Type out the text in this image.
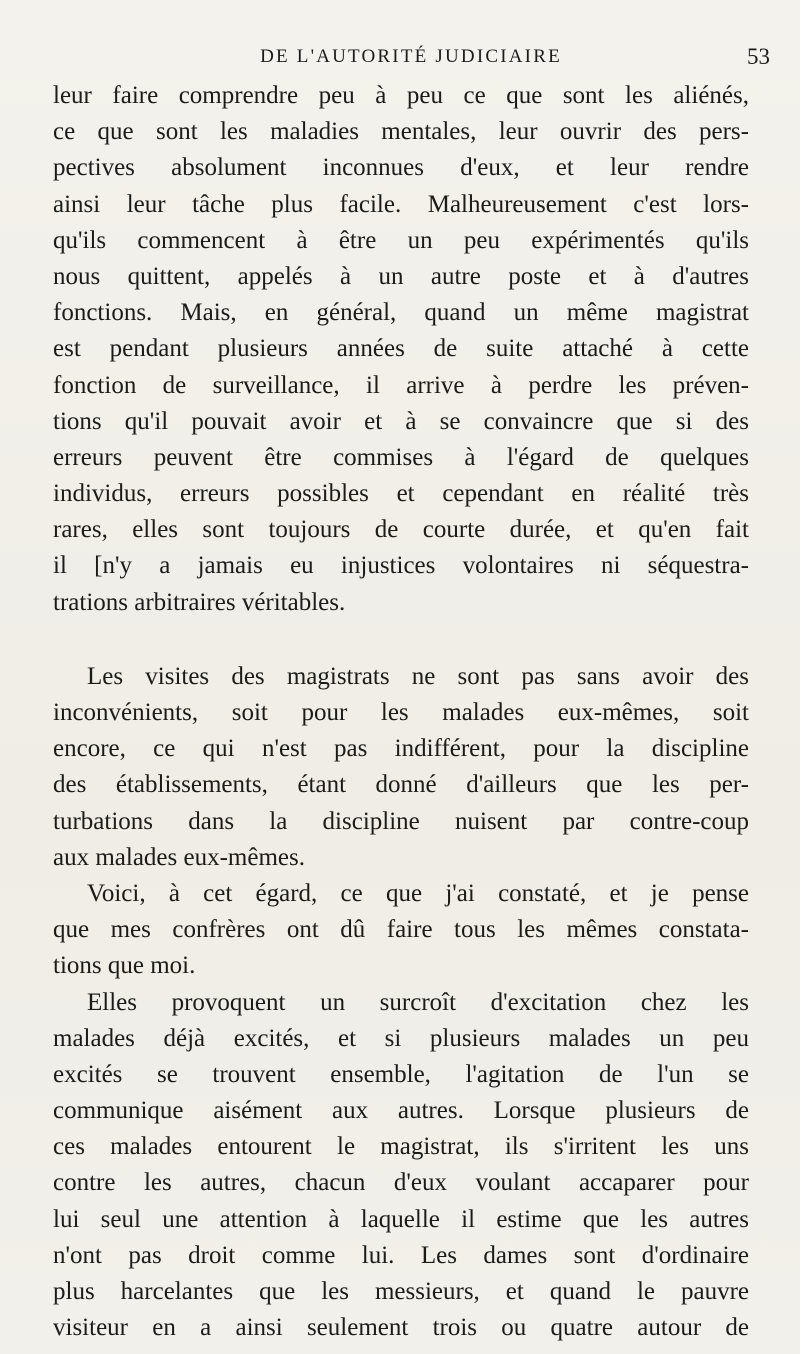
DE L'AUTORITÉ JUDICIAIRE	53
leur faire comprendre peu à peu ce que sont les aliénés,
ce que sont les maladies mentales, leur ouvrir des pers-
pectives absolument inconnues d'eux, et leur rendre
ainsi leur tâche plus facile. Malheureusement c'est lors-
qu'ils commencent à être un peu expérimentés qu'ils
nous quittent, appelés à un autre poste et à d'autres
fonctions. Mais, en général, quand un même magistrat
est pendant plusieurs années de suite attaché à cette
fonction de surveillance, il arrive à perdre les préven-
tions qu'il pouvait avoir et à se convaincre que si des
erreurs peuvent être commises à l'égard de quelques
individus, erreurs possibles et cependant en réalité très
rares, elles sont toujours de courte durée, et qu'en fait
il [n'y a jamais eu injustices volontaires ni séquestra-
trations arbitraires véritables.
Les visites des magistrats ne sont pas sans avoir des
inconvénients, soit pour les malades eux-mêmes, soit
encore, ce qui n'est pas indifférent, pour la discipline
des établissements, étant donné d'ailleurs que les per-
turbations dans la discipline nuisent par contre-coup
aux malades eux-mêmes.
Voici, à cet égard, ce que j'ai constaté, et je pense
que mes confrères ont dû faire tous les mêmes constata-
tions que moi.
Elles provoquent un surcroît d'excitation chez les
malades déjà excités, et si plusieurs malades un peu
excités se trouvent ensemble, l'agitation de l'un se
communique aisément aux autres. Lorsque plusieurs de
ces malades entourent le magistrat, ils s'irritent les uns
contre les autres, chacun d'eux voulant accaparer pour
lui seul une attention à laquelle il estime que les autres
n'ont pas droit comme lui. Les dames sont d'ordinaire
plus harcelantes que les messieurs, et quand le pauvre
visiteur en a ainsi seulement trois ou quatre autour de
